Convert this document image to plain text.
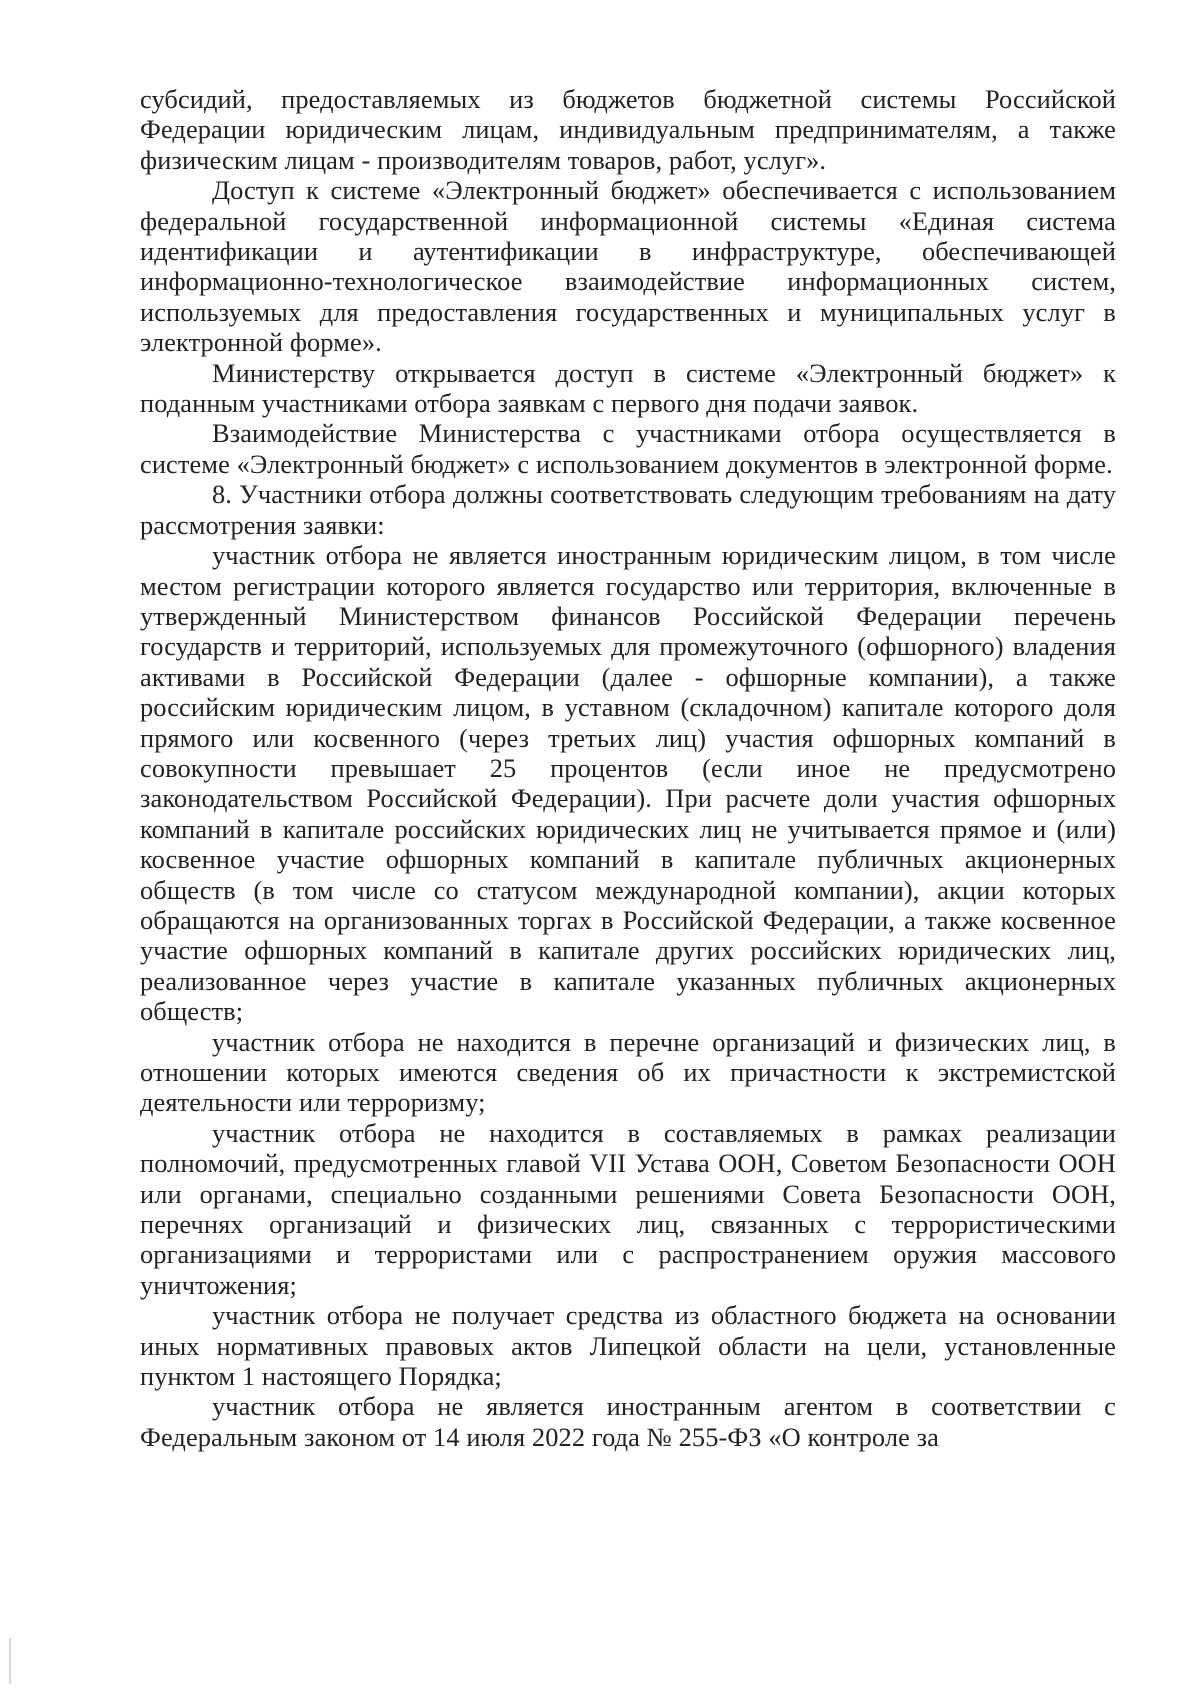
субсидий, предоставляемых из бюджетов бюджетной системы Российской Федерации юридическим лицам, индивидуальным предпринимателям, а также физическим лицам - производителям товаров, работ, услуг».

Доступ к системе «Электронный бюджет» обеспечивается с использованием федеральной государственной информационной системы «Единая система идентификации и аутентификации в инфраструктуре, обеспечивающей информационно-технологическое взаимодействие информационных систем, используемых для предоставления государственных и муниципальных услуг в электронной форме».

Министерству открывается доступ в системе «Электронный бюджет» к поданным участниками отбора заявкам с первого дня подачи заявок.

Взаимодействие Министерства с участниками отбора осуществляется в системе «Электронный бюджет» с использованием документов в электронной форме.

8. Участники отбора должны соответствовать следующим требованиям на дату рассмотрения заявки:

участник отбора не является иностранным юридическим лицом, в том числе местом регистрации которого является государство или территория, включенные в утвержденный Министерством финансов Российской Федерации перечень государств и территорий, используемых для промежуточного (офшорного) владения активами в Российской Федерации (далее - офшорные компании), а также российским юридическим лицом, в уставном (складочном) капитале которого доля прямого или косвенного (через третьих лиц) участия офшорных компаний в совокупности превышает 25 процентов (если иное не предусмотрено законодательством Российской Федерации). При расчете доли участия офшорных компаний в капитале российских юридических лиц не учитывается прямое и (или) косвенное участие офшорных компаний в капитале публичных акционерных обществ (в том числе со статусом международной компании), акции которых обращаются на организованных торгах в Российской Федерации, а также косвенное участие офшорных компаний в капитале других российских юридических лиц, реализованное через участие в капитале указанных публичных акционерных обществ;

участник отбора не находится в перечне организаций и физических лиц, в отношении которых имеются сведения об их причастности к экстремистской деятельности или терроризму;

участник отбора не находится в составляемых в рамках реализации полномочий, предусмотренных главой VII Устава ООН, Советом Безопасности ООН или органами, специально созданными решениями Совета Безопасности ООН, перечнях организаций и физических лиц, связанных с террористическими организациями и террористами или с распространением оружия массового уничтожения;

участник отбора не получает средства из областного бюджета на основании иных нормативных правовых актов Липецкой области на цели, установленные пунктом 1 настоящего Порядка;

участник отбора не является иностранным агентом в соответствии с Федеральным законом от 14 июля 2022 года № 255-ФЗ «О контроле за
